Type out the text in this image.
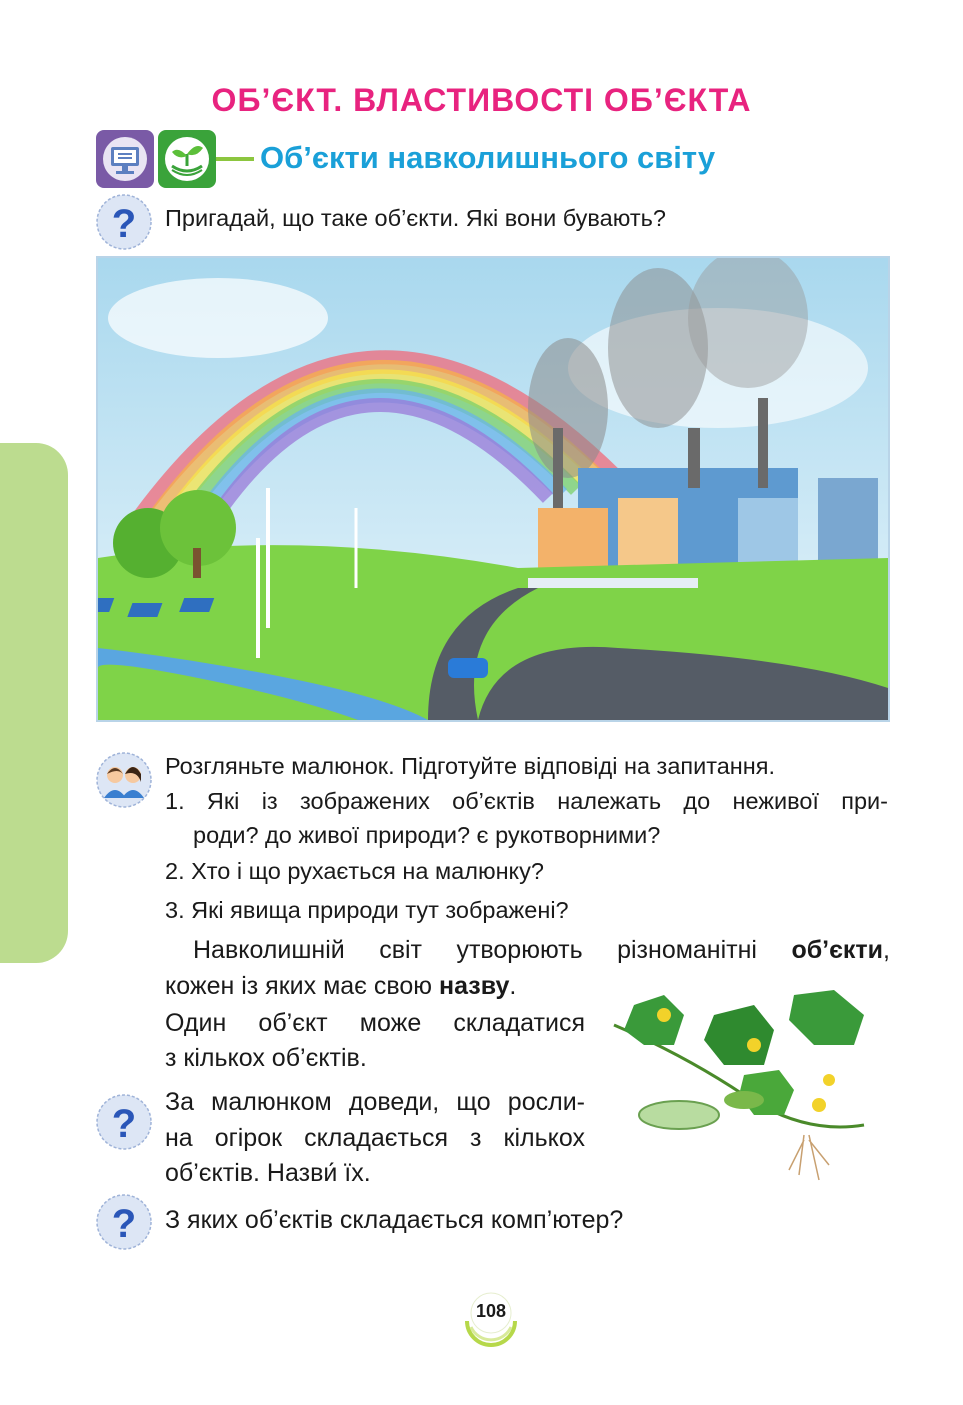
ОБ’ЄКТ. ВЛАСТИВОСТІ ОБ’ЄКТА
Об’єкти навколишнього світу
? Пригадай, що таке об’єкти. Які вони бувають?
Розгляньте малюнок. Підготуйте відповіді на запитання.
1. Які із зображених об’єктів належать до неживої при-
роди? до живої природи? є рукотворними?
2. Хто і що рухається на малюнку?
3. Які явища природи тут зображені?
Навколишній світ утворюють різноманітні об’єкти,
кожен із яких має свою назву.
Один об’єкт може складатися
з кількох об’єктів.
? За малюнком доведи, що росли-
на огірок складається з кількох
об’єктів. Назви́ їх.
? З яких об’єктів складається комп’ютер?
108
